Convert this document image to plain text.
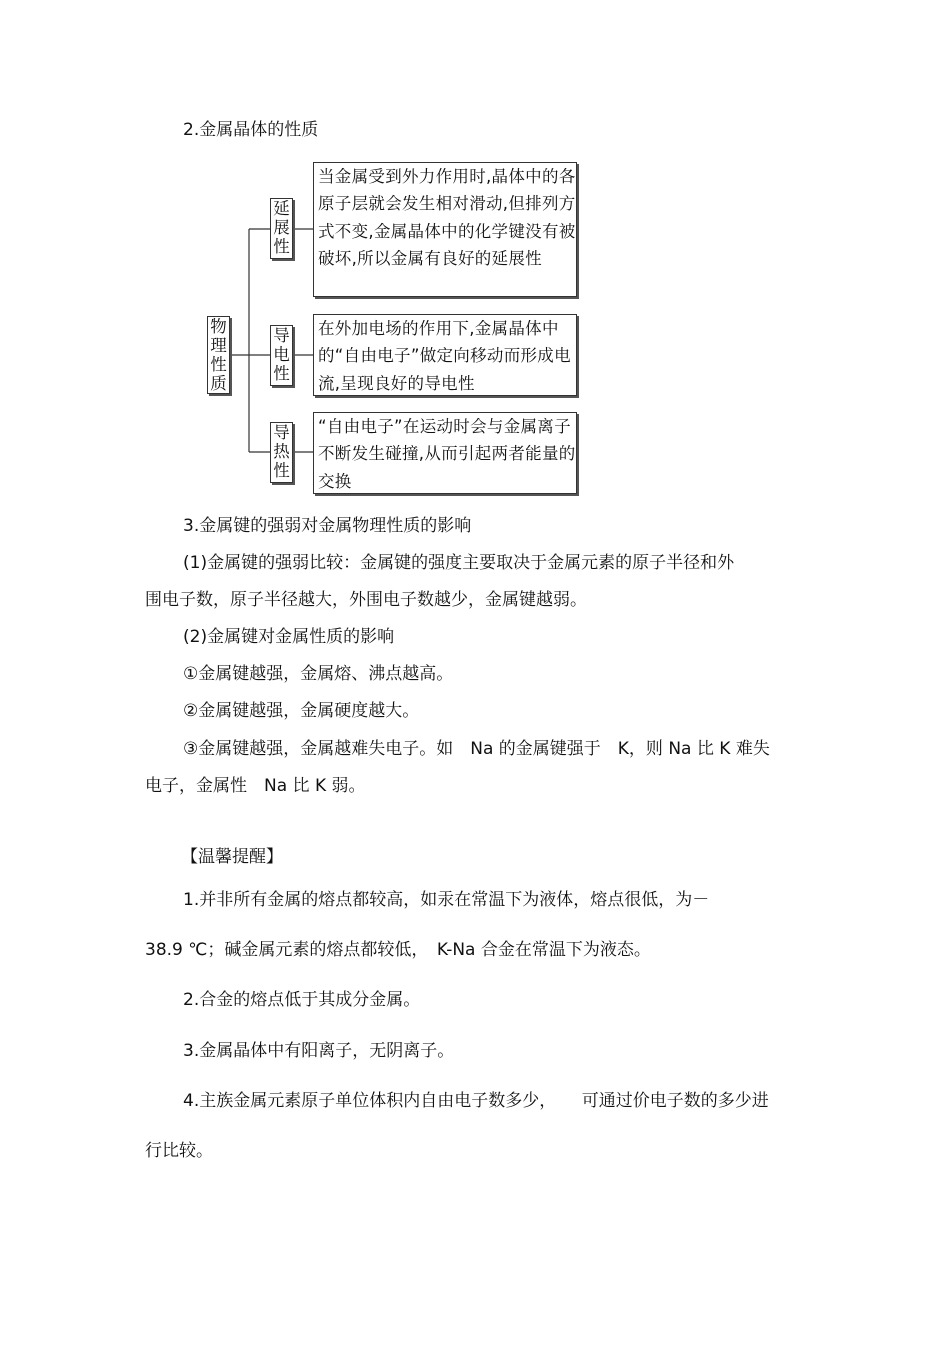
2.金属晶体的性质
物
理
性
质
延
展
性
当金属受到外力作用时,晶体中的各原子层就会发生相对滑动,但排列方式不变,金属晶体中的化学键没有被破坏,所以金属有良好的延展性
导
电
性
在外加电场的作用下,金属晶体中的“自由电子”做定向移动而形成电流,呈现良好的导电性
导
热
性
“自由电子”在运动时会与金属离子不断发生碰撞,从而引起两者能量的交换
3.金属键的强弱对金属物理性质的影响
(1)金属键的强弱比较：金属键的强度主要取决于金属元素的原子半径和外
围电子数，原子半径越大，外围电子数越少，金属键越弱。
(2)金属键对金属性质的影响
①金属键越强，金属熔、沸点越高。
②金属键越强，金属硬度越大。
③金属键越强，金属越难失电子。如　Na 的金属键强于　K，则 Na 比 K 难失
电子，金属性　Na 比 K 弱。
【温馨提醒】
1.并非所有金属的熔点都较高，如汞在常温下为液体，熔点很低，为－
38.9 ℃；碱金属元素的熔点都较低，　K-Na 合金在常温下为液态。
2.合金的熔点低于其成分金属。
3.金属晶体中有阳离子，无阴离子。
4.主族金属元素原子单位体积内自由电子数多少，　　可通过价电子数的多少进
行比较。
